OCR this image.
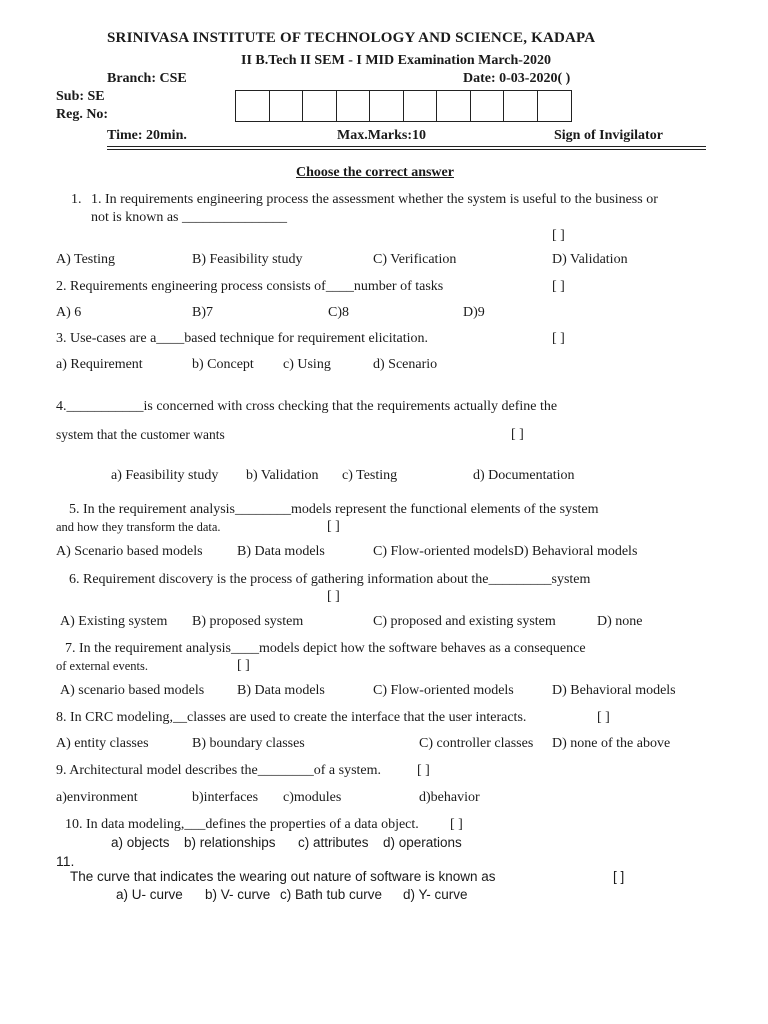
SRINIVASA INSTITUTE OF TECHNOLOGY AND SCIENCE, KADAPA
II B.Tech II SEM - I MID Examination March-2020
Branch: CSE	Date: 0-03-2020( )
Sub: SE
Reg. No:
Time: 20min.	Max.Marks:10	Sign of Invigilator
Choose the correct answer
1. 1. In requirements engineering process the assessment whether the system is useful to the business or
not is known as _______________
[ ]
A) Testing	B) Feasibility study	C) Verification	D) Validation
2. Requirements engineering process consists of____number of tasks	[ ]
A) 6	B)7	C)8	D)9
3. Use-cases are a____based technique for requirement elicitation.	[ ]
a) Requirement	b) Concept c) Using	d) Scenario
4.___________is concerned with cross checking that the requirements actually define the
system that the customer wants	[ ]
a) Feasibility study b) Validation c) Testing	d) Documentation
5. In the requirement analysis________models represent the functional elements of the system
and how they transform the data.	[ ]
A) Scenario based models B) Data models	C) Flow-oriented modelsD) Behavioral models
6. Requirement discovery is the process of gathering information about the_________system
[ ]
A) Existing system B) proposed system	C) proposed and existing system	D) none
7. In the requirement analysis____models depict how the software behaves as a consequence
of external events.	[ ]
A) scenario based models B) Data models	C) Flow-oriented models	D) Behavioral models
8. In CRC modeling,__classes are used to create the interface that the user interacts.	[ ]
A) entity classes	B) boundary classes	C) controller classes D) none of the above
9. Architectural model describes the________of a system.	[ ]
a)environment	b)interfaces c)modules	d)behavior
10. In data modeling,___defines the properties of a data object. [ ]
a) objects b) relationships c) attributes d) operations
11.
The curve that indicates the wearing out nature of software is known as	[ ]
a) U- curve b) V- curve c) Bath tub curve d) Y- curve
